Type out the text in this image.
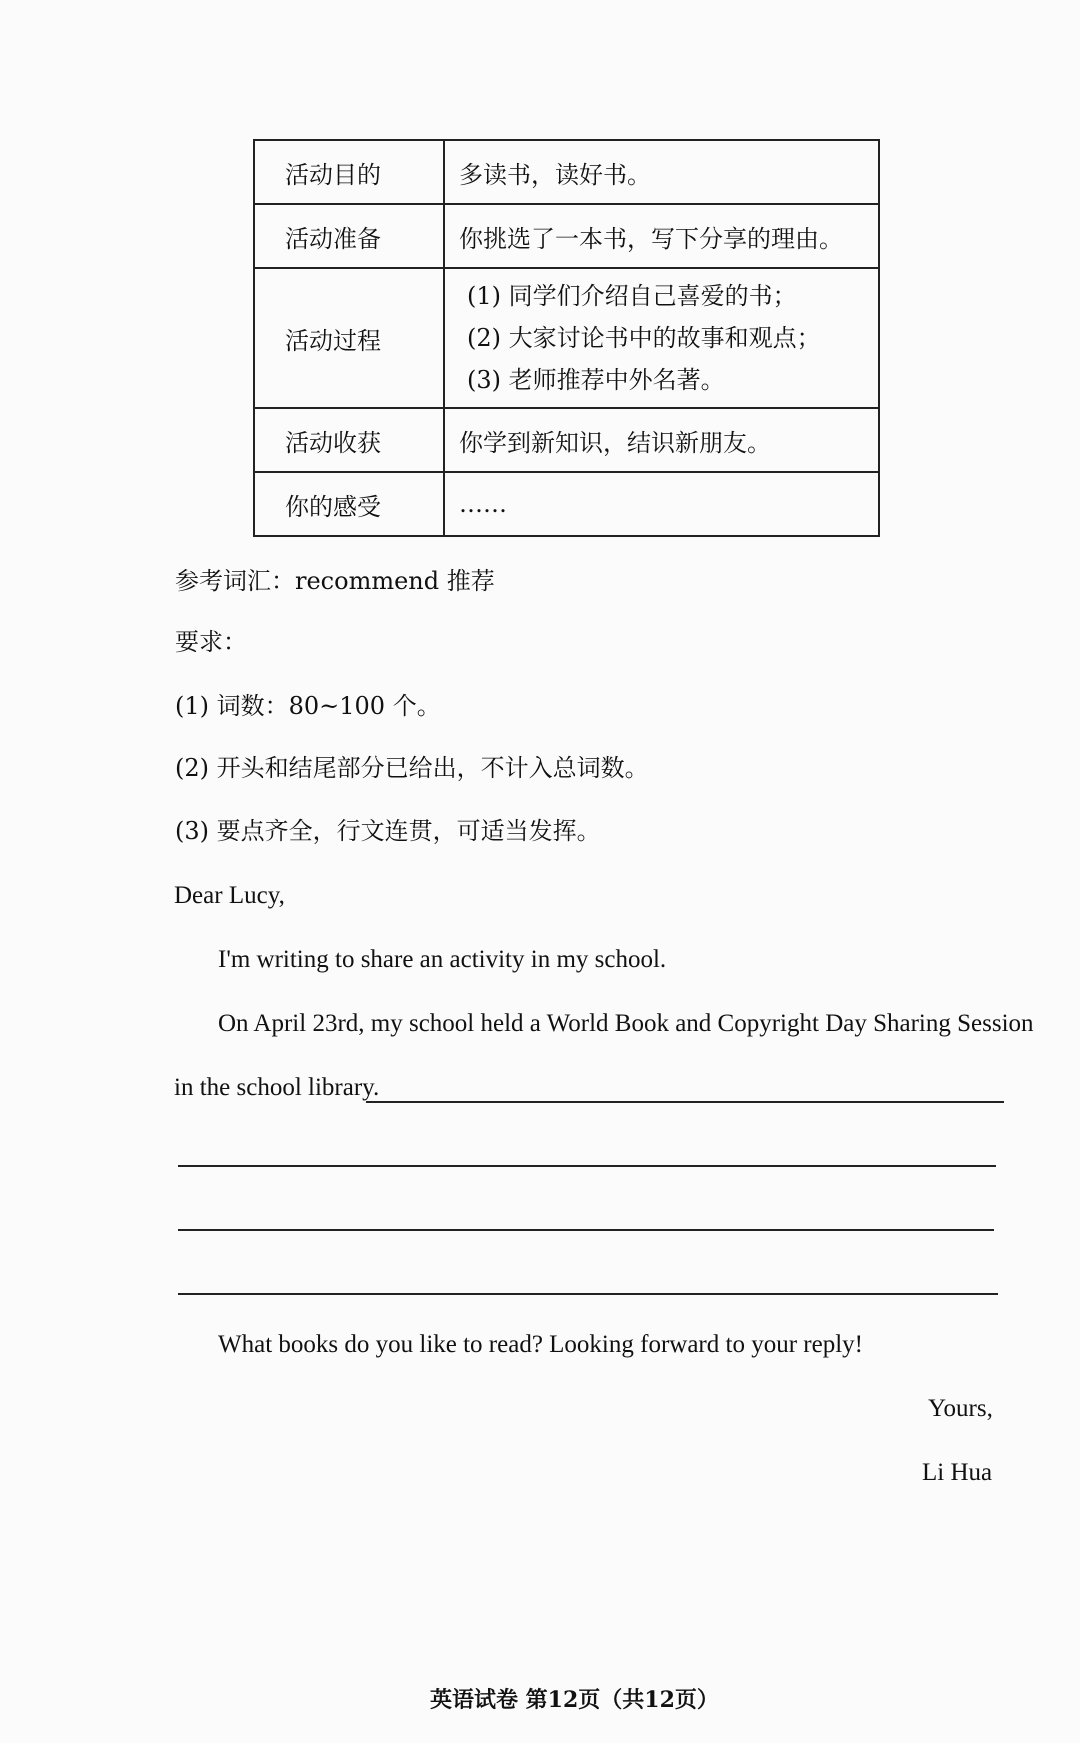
活动目的	多读书，读好书。
活动准备	你挑选了一本书，写下分享的理由。
活动过程	(1) 同学们介绍自己喜爱的书；
(2) 大家讨论书中的故事和观点；
(3) 老师推荐中外名著。

活动收获	你学到新知识，结识新朋友。
你的感受	……
参考词汇：recommend 推荐
要求：
(1) 词数：80~100 个。
(2) 开头和结尾部分已给出，不计入总词数。
(3) 要点齐全，行文连贯，可适当发挥。
Dear Lucy,
I'm writing to share an activity in my school.
On April 23rd, my school held a World Book and Copyright Day Sharing Session
in the school library.
What books do you like to read? Looking forward to your reply!
Yours,
Li Hua
英语试卷 第12页（共12页）
